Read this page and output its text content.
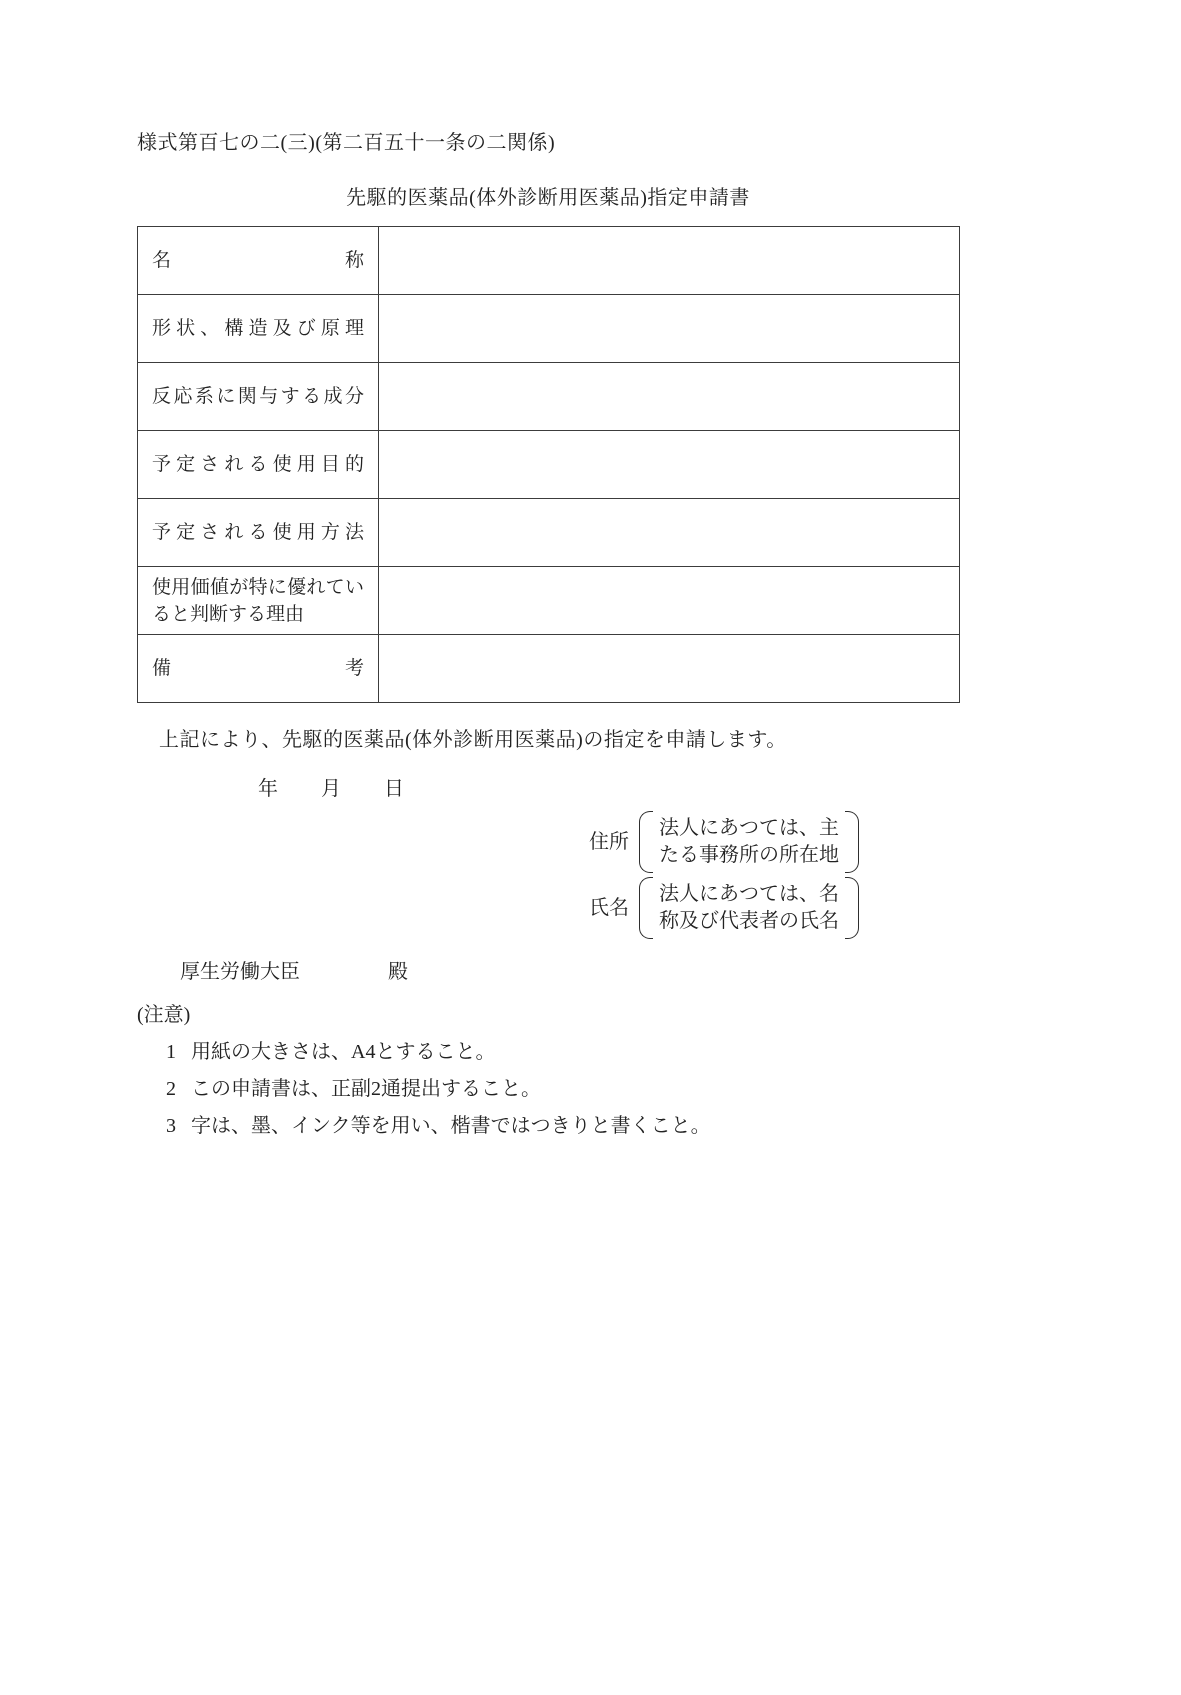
様式第百七の二(三)(第二百五十一条の二関係)
先駆的医薬品(体外診断用医薬品)指定申請書
名称	
形状、構造及び原理	
反応系に関与する成分	
予定される使用目的	
予定される使用方法	
使用価値が特に優れていると判断する理由	
備考	
上記により、先駆的医薬品(体外診断用医薬品)の指定を申請します。
年　　月　　日
住所
法人にあつては、主
たる事務所の所在地
氏名
法人にあつては、名
称及び代表者の氏名
厚生労働大臣	殿
(注意)
1 用紙の大きさは、A4とすること。
2 この申請書は、正副2通提出すること。
3 字は、墨、インク等を用い、楷書ではつきりと書くこと。
